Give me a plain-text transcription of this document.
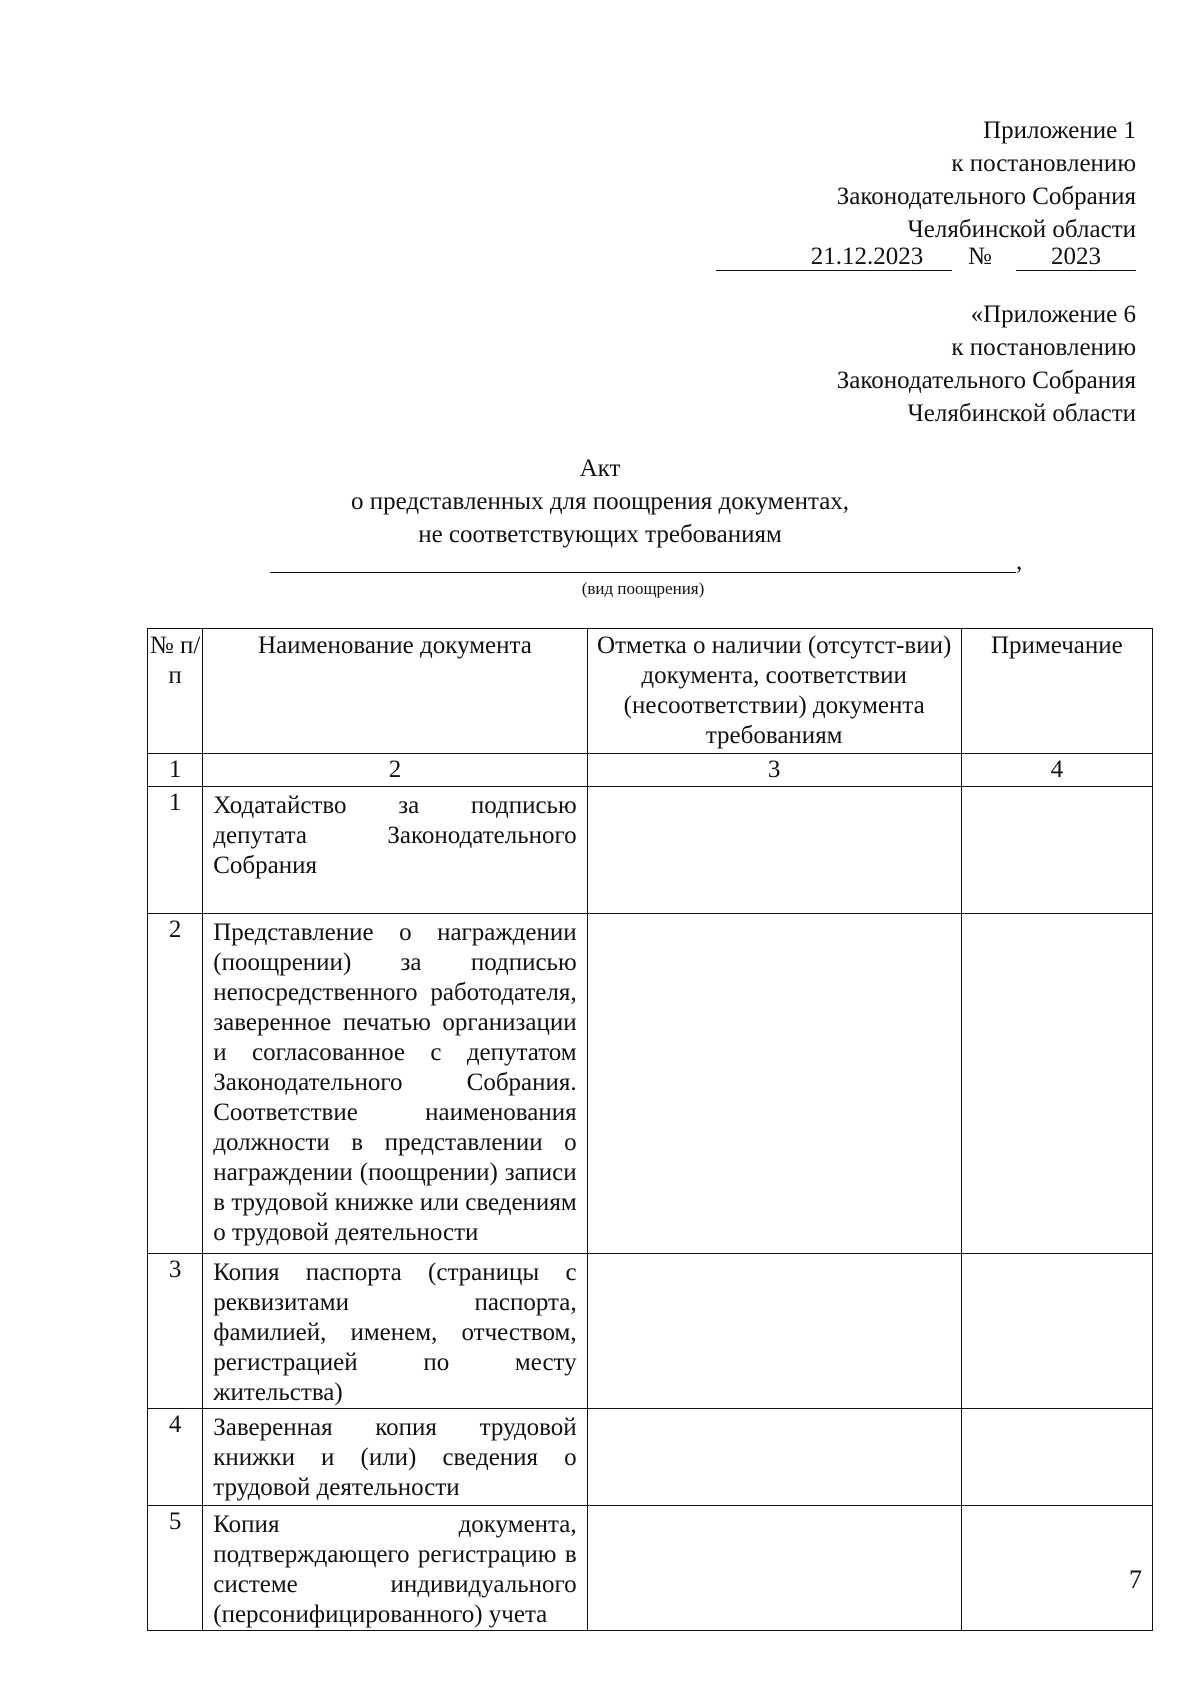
Приложение 1
к постановлению
Законодательного Собрания
Челябинской области
21.12.2023	№	2023
«Приложение 6
к постановлению
Законодательного Собрания
Челябинской области
Акт
о представленных для поощрения документах,
не соответствующих требованиям
,
(вид поощрения)
№ п/п	Наименование документа	Отметка о наличии (отсутст-вии) документа, соответствии (несоответствии) документа требованиям	Примечание
1	2	3	4
1	Ходатайство за подписью депутата Законодательного Собрания		
2	Представление о награждении (поощрении) за подписью непосредственного работодателя, заверенное печатью организации и согласованное с депутатом Законодательного Собрания. Соответствие наименования должности в представлении о награждении (поощрении) записи в трудовой книжке или сведениям о трудовой деятельности		
3	Копия паспорта (страницы с реквизитами паспорта, фамилией, именем, отчеством, регистрацией по месту жительства)		
4	Заверенная копия трудовой книжки и (или) сведения о трудовой деятельности		
5	Копия документа, подтверждающего регистрацию в системе индивидуального (персонифицированного) учета		
7
